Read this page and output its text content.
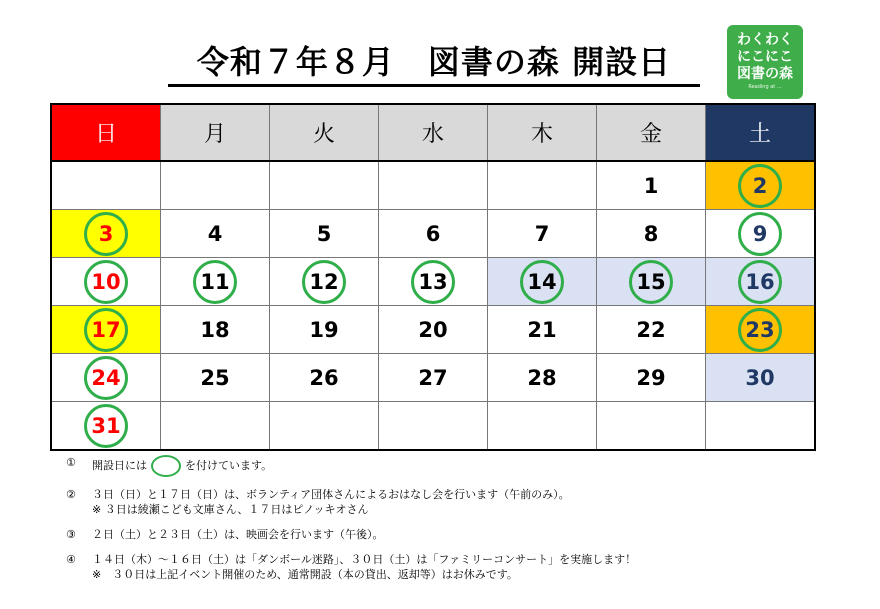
令和７年８月　図書の森 開設日
わくわく
にこにこ
図書の森
Reading at ...
日	月	火	水	木	金	土
					1	2
3	4	5	6	7	8	9
10	11	12	13	14	15	16
17	18	19	20	21	22	23
24	25	26	27	28	29	30
31						
① 開設日には	を付けています。
② ３日（日）と１７日（日）は、ボランティア団体さんによるおはなし会を行います（午前のみ）。
※ ３日は綾瀬こども文庫さん、１７日はピノッキオさん
③ ２日（土）と２３日（土）は、映画会を行います（午後）。
④ １４日（木）～１６日（土）は「ダンボール迷路」、３０日（土）は「ファミリーコンサート」を実施します！
※　３０日は上記イベント開催のため、通常開設（本の貸出、返却等）はお休みです。
